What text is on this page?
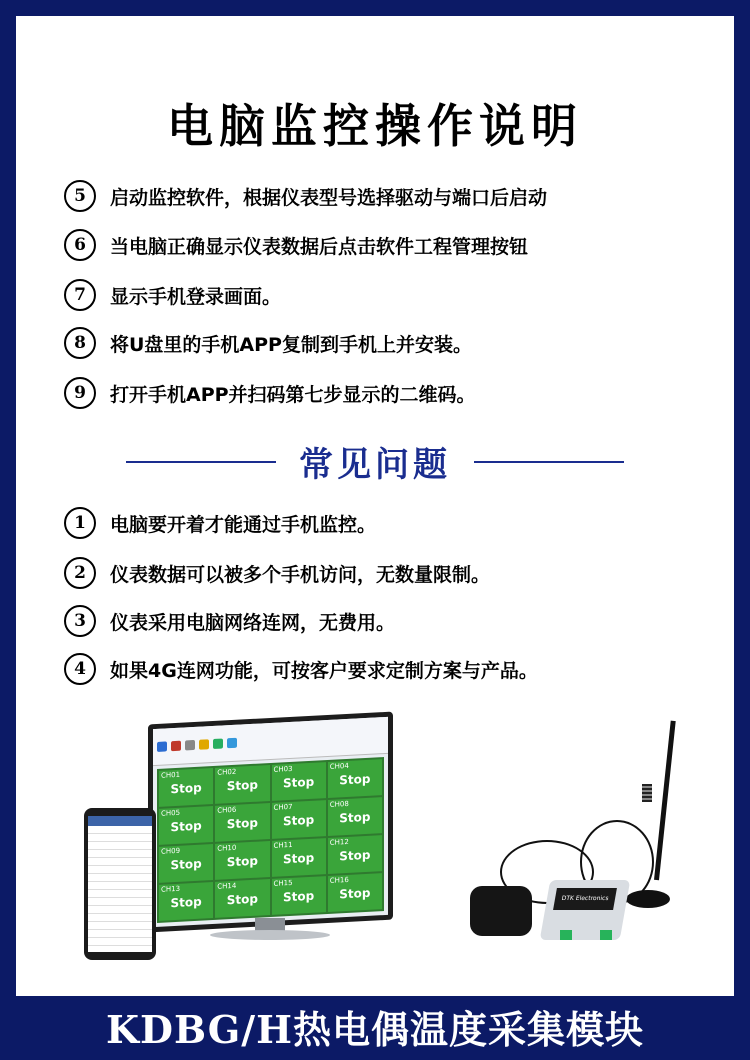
电脑监控操作说明
5	启动监控软件，根据仪表型号选择驱动与端口后启动
6	当电脑正确显示仪表数据后点击软件工程管理按钮
7	显示手机登录画面。
8	将U盘里的手机APP复制到手机上并安装。
9	打开手机APP并扫码第七步显示的二维码。
常见问题
1	电脑要开着才能通过手机监控。
2	仪表数据可以被多个手机访问，无数量限制。
3	仪表采用电脑网络连网，无费用。
4	如果4G连网功能，可按客户要求定制方案与产品。
CH01
Stop
CH02
Stop
CH03
Stop
CH04
Stop
CH05
Stop
CH06
Stop
CH07
Stop
CH08
Stop
CH09
Stop
CH10
Stop
CH11
Stop
CH12
Stop
CH13
Stop
CH14
Stop
CH15
Stop
CH16
Stop	DTK Electronics
KDBG/H热电偶温度采集模块
